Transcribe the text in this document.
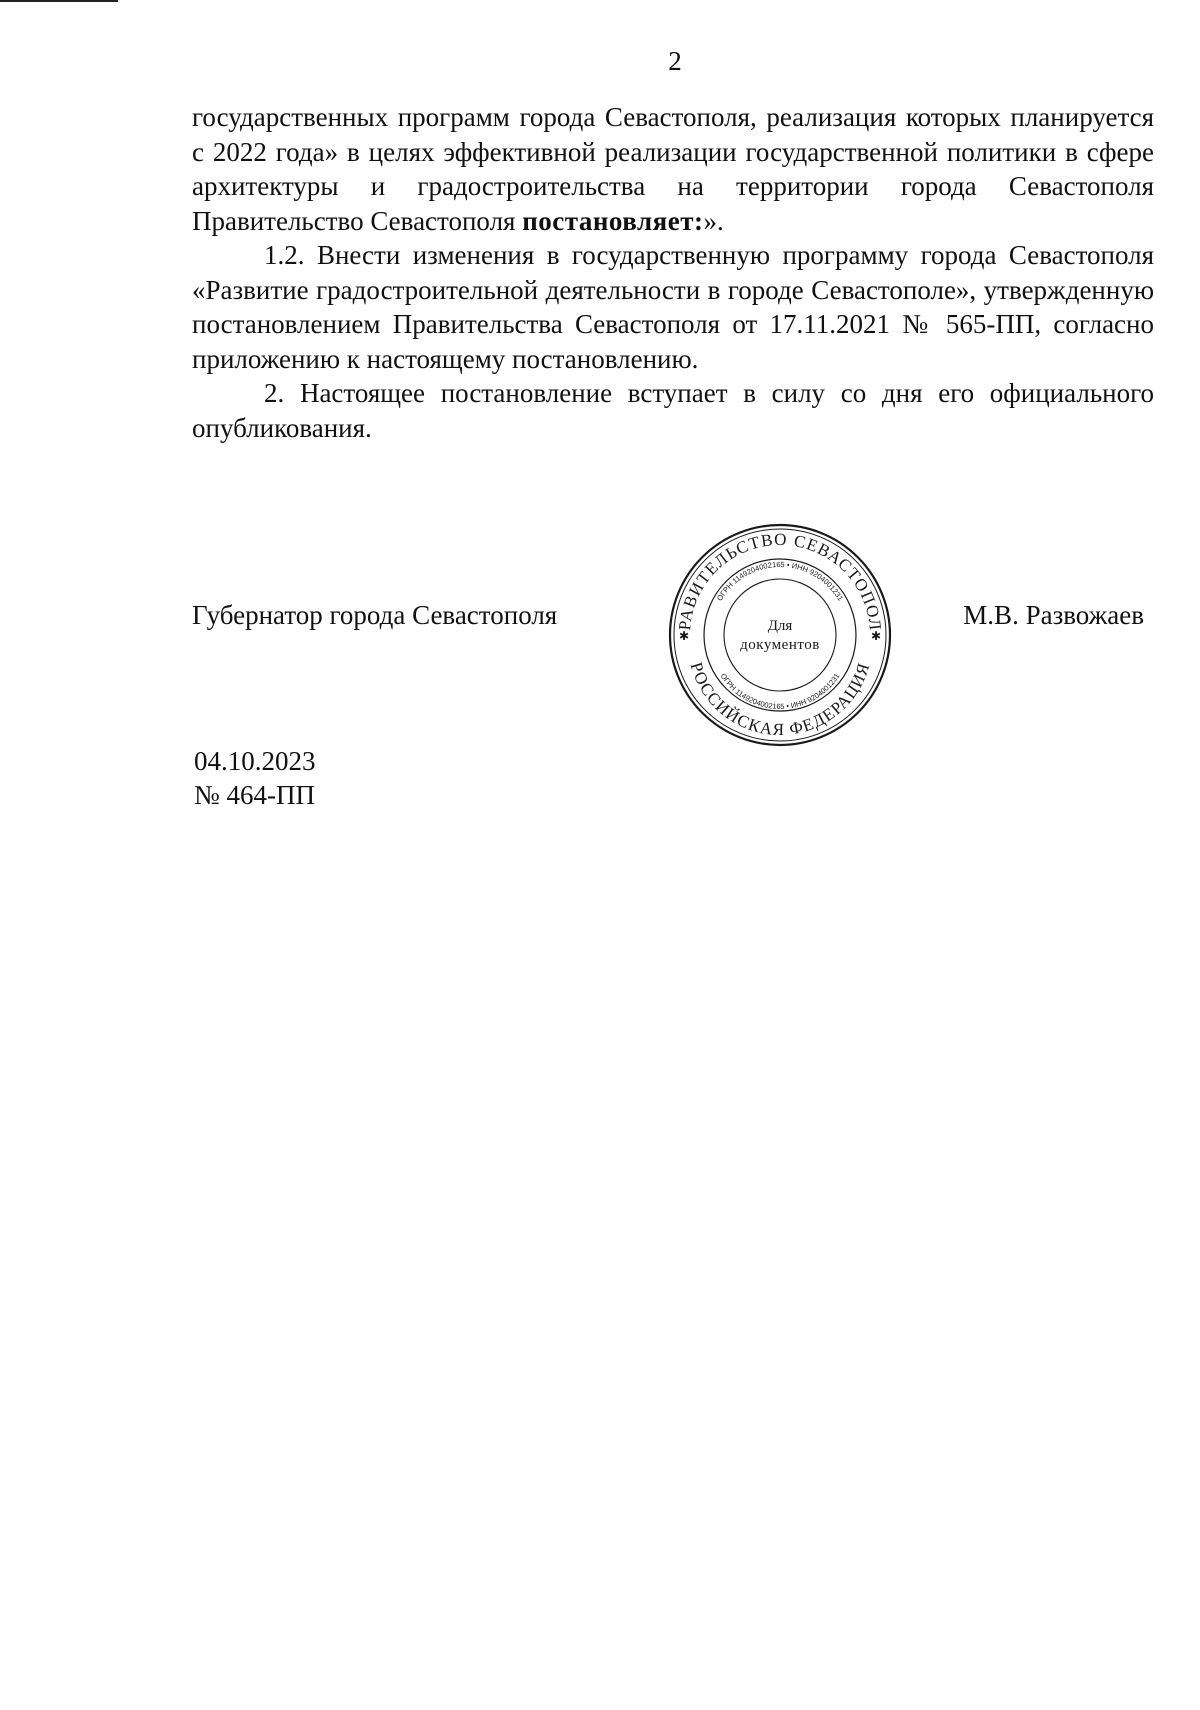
2

государственных программ города Севастополя, реализация которых планируется с 2022 года» в целях эффективной реализации государственной политики в сфере архитектуры и градостроительства на территории города Севастополя Правительство Севастополя постановляет:».

1.2. Внести изменения в государственную программу города Севастополя «Развитие градостроительной деятельности в городе Севастополе», утвержденную постановлением Правительства Севастополя от 17.11.2021 № 565-ПП, согласно приложению к настоящему постановлению.

2. Настоящее постановление вступает в силу со дня его официального опубликования.

Губернатор города Севастополя	М.В. Развожаев
РАВИТЕЛЬСТВО СЕВАСТОПОЛ
РОССИЙСКАЯ ФЕДЕРАЦИЯ
ОГРН 1149204002165 • ИНН 9204001231
ОГРН 1149204002165 • ИНН 9204001231
Для
документов
✱	✱
04.10.2023
№ 464-ПП
